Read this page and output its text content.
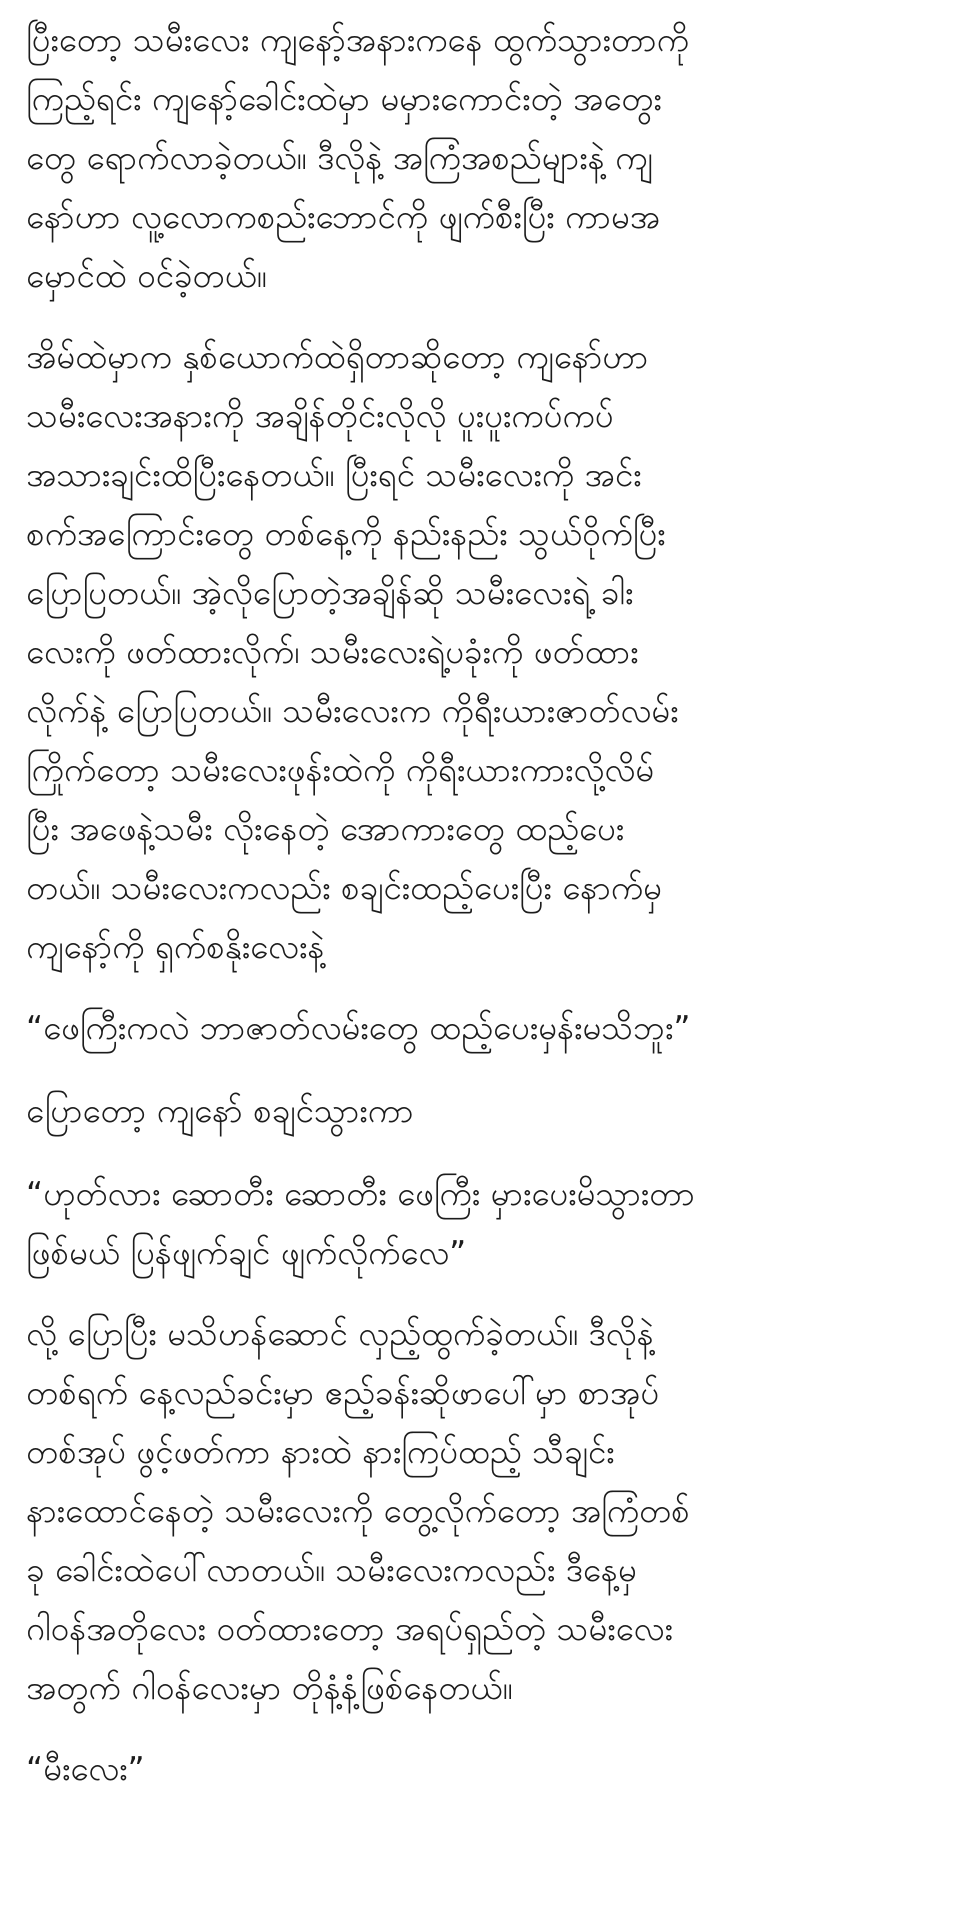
ပြီးတော့ သမီးလေး ကျနော့်အနားကနေ ထွက်သွားတာကို
ကြည့်ရင်း ကျနော့်ခေါင်းထဲမှာ မမှားကောင်းတဲ့ အတွေး
တွေ ရောက်လာခဲ့တယ်။ ဒီလိုနဲ့ အကြံအစည်များနဲ့ ကျ
နော်ဟာ လူ့လောကစည်းဘောင်ကို ဖျက်စီးပြီး ကာမအ
မှောင်ထဲ ဝင်ခဲ့တယ်။
အိမ်ထဲမှာက နှစ်ယောက်ထဲရှိတာဆိုတော့ ကျနော်ဟာ
သမီးလေးအနားကို အချိန်တိုင်းလိုလို ပူးပူးကပ်ကပ်
အသားချင်းထိပြီးနေတယ်။ ပြီးရင် သမီးလေးကို အင်း
စက်အကြောင်းတွေ တစ်နေ့ကို နည်းနည်း သွယ်ဝိုက်ပြီး
ပြောပြတယ်။ အဲ့လိုပြောတဲ့အချိန်ဆို သမီးလေးရဲ့ ခါး
လေးကို ဖတ်ထားလိုက်၊ သမီးလေးရဲ့ပခုံးကို ဖတ်ထား
လိုက်နဲ့ ပြောပြတယ်။ သမီးလေးက ကိုရီးယားဇာတ်လမ်း
ကြိုက်တော့ သမီးလေးဖုန်းထဲကို ကိုရီးယားကားလို့လိမ်
ပြီး အဖေနဲ့သမီး လိုးနေတဲ့ အောကားတွေ ထည့်ပေး
တယ်။ သမီးလေးကလည်း စချင်းထည့်ပေးပြီး နောက်မှ
ကျနော့်ကို ရှက်စနိုးလေးနဲ့
“ဖေကြီးကလဲ ဘာဇာတ်လမ်းတွေ ထည့်ပေးမှန်းမသိဘူး”
ပြောတော့ ကျနော် စချင်သွားကာ
“ဟုတ်လား ဆောတီး ဆောတီး ဖေကြီး မှားပေးမိသွားတာ
ဖြစ်မယ် ပြန်ဖျက်ချင် ဖျက်လိုက်လေ”
လို့ ပြောပြီး မသိဟန်ဆောင် လှည့်ထွက်ခဲ့တယ်။ ဒီလိုနဲ့
တစ်ရက် နေ့လည်ခင်းမှာ ဧည့်ခန်းဆိုဖာပေါ်မှာ စာအုပ်
တစ်အုပ် ဖွင့်ဖတ်ကာ နားထဲ နားကြပ်ထည့် သီချင်း
နားထောင်နေတဲ့ သမီးလေးကို တွေ့လိုက်တော့ အကြံတစ်
ခု ခေါင်းထဲပေါ်လာတယ်။ သမီးလေးကလည်း ဒီနေ့မှ
ဂါဝန်အတိုလေး ဝတ်ထားတော့ အရပ်ရှည်တဲ့ သမီးလေး
အတွက် ဂါဝန်လေးမှာ တိုနံ့နံ့ဖြစ်နေတယ်။
“မီးလေး”
